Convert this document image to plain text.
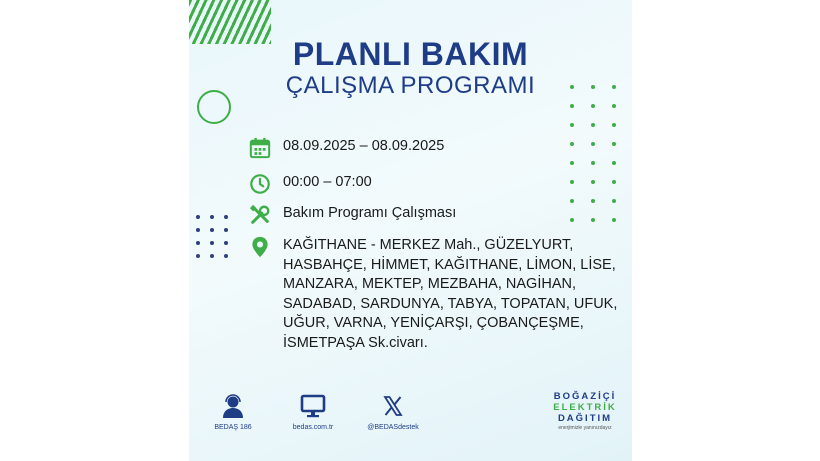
PLANLI BAKIM
ÇALIŞMA PROGRAMI
08.09.2025 – 08.09.2025
00:00 – 07:00
Bakım Programı Çalışması
KAĞITHANE - MERKEZ Mah., GÜZELYURT, HASBAHÇE, HİMMET, KAĞITHANE, LİMON, LİSE, MANZARA, MEKTEP, MEZBAHA, NAGİHAN, SADABAD, SARDUNYA, TABYA, TOPATAN, UFUK, UĞUR, VARNA, YENİÇARŞI, ÇOBANÇEŞME, İSMETPAŞA Sk.civarı.
BEDAŞ 186	bedas.com.tr	@BEDASdestek
BOĞAZİÇİ
ELEKTRİK
DAĞITIM
enerjimizle yanınızdayız
